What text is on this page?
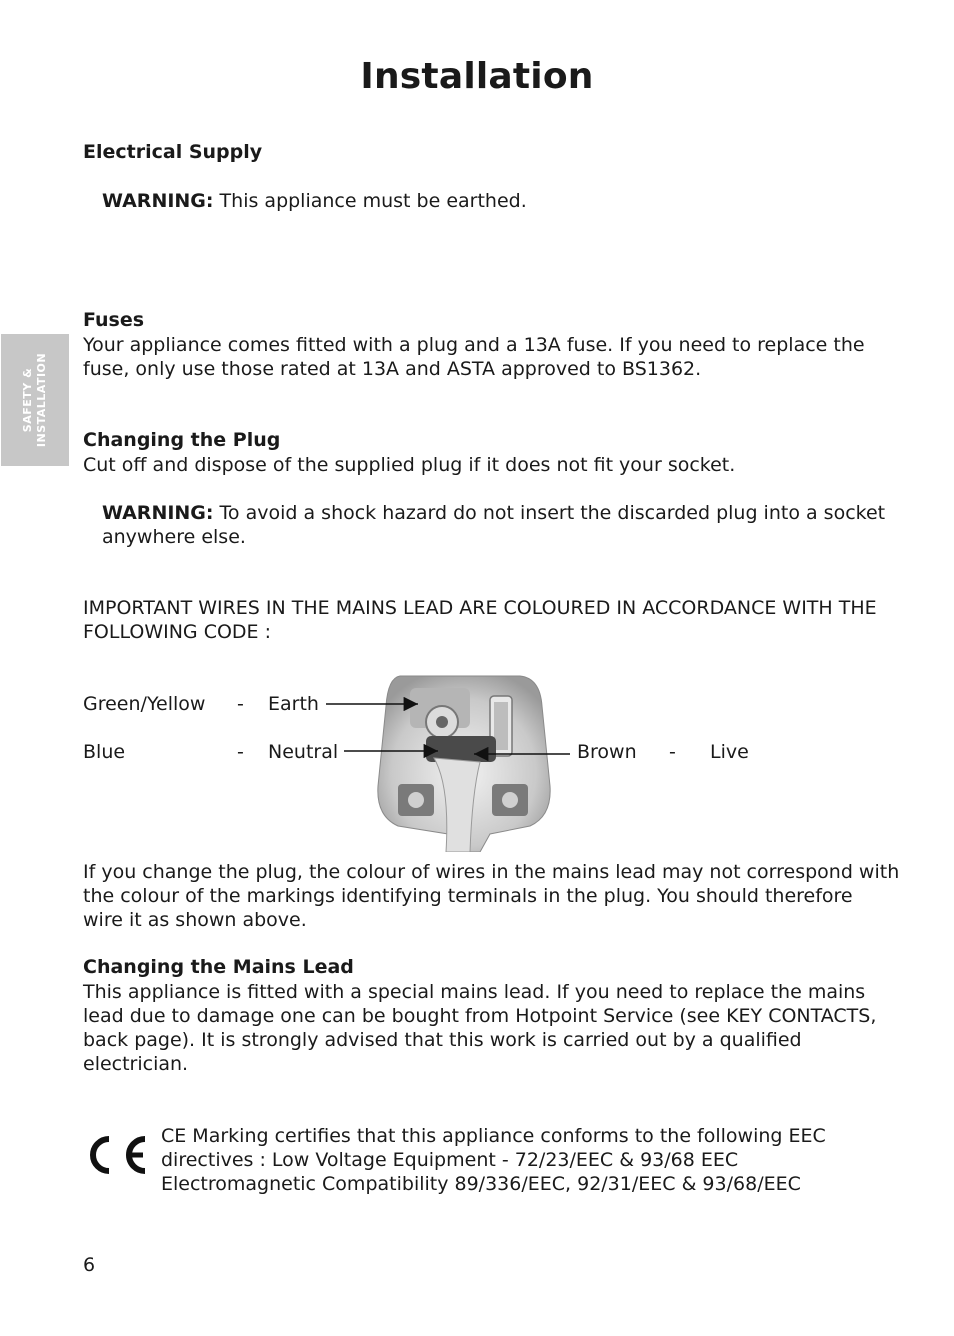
Installation
SAFETY & INSTALLATION
Electrical Supply
WARNING: This appliance must be earthed.
Fuses
Your appliance comes fitted with a plug and a 13A fuse. If you need to replace the
fuse, only use those rated at 13A and ASTA approved to BS1362.
Changing the Plug
Cut off and dispose of the supplied plug if it does not fit your socket.
WARNING: To avoid a shock hazard do not insert the discarded plug into a socket
anywhere else.
IMPORTANT WIRES IN THE MAINS LEAD ARE COLOURED IN ACCORDANCE WITH THE
FOLLOWING CODE :
Green/Yellow - Earth
Blue	- Neutral	Brown - Live
If you change the plug, the colour of wires in the mains lead may not correspond with
the colour of the markings identifying terminals in the plug. You should therefore
wire it as shown above.
Changing the Mains Lead
This appliance is fitted with a special mains lead. If you need to replace the mains
lead due to damage one can be bought from Hotpoint Service (see KEY CONTACTS,
back page). It is strongly advised that this work is carried out by a qualified
electrician.
CE Marking certifies that this appliance conforms to the following EEC
directives : Low Voltage Equipment - 72/23/EEC & 93/68 EEC
Electromagnetic Compatibility 89/336/EEC, 92/31/EEC & 93/68/EEC
6
